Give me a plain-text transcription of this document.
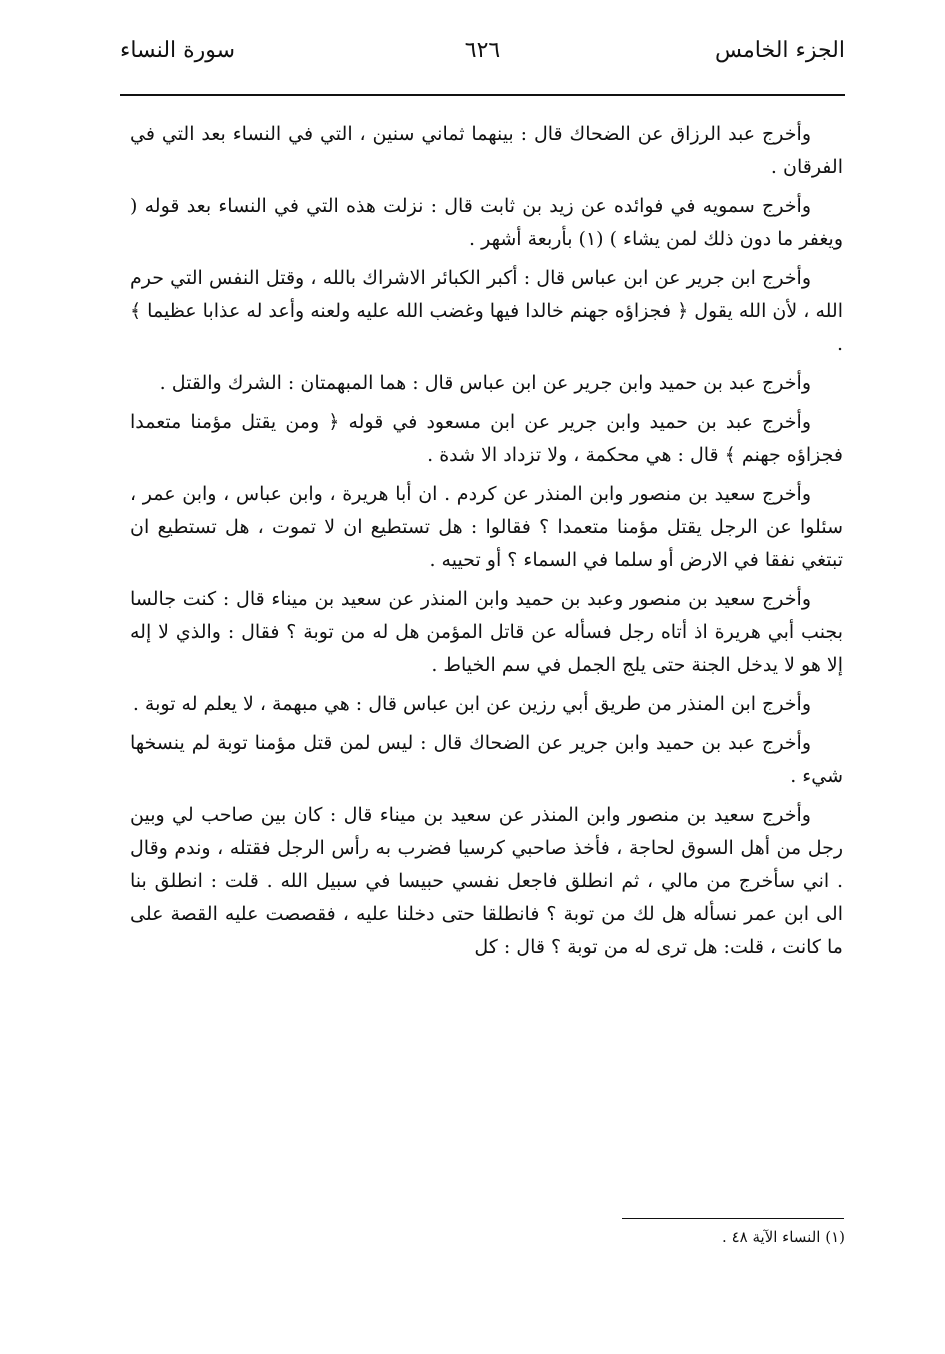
الجزء الخامس
٦٢٦
سورة النساء

وأخرج عبد الرزاق عن الضحاك قال : بينهما ثماني سنين ، التي في النساء بعد التي في الفرقان .

وأخرج سمويه في فوائده عن زيد بن ثابت قال : نزلت هذه التي في النساء بعد قوله ( ويغفر ما دون ذلك لمن يشاء ) (١) بأربعة أشهر .

وأخرج ابن جرير عن ابن عباس قال : أكبر الكبائر الاشراك بالله ، وقتل النفس التي حرم الله ، لأن الله يقول ﴿ فجزاؤه جهنم خالدا فيها وغضب الله عليه ولعنه وأعد له عذابا عظيما ﴾ .

وأخرج عبد بن حميد وابن جرير عن ابن عباس قال : هما المبهمتان : الشرك والقتل .

وأخرج عبد بن حميد وابن جرير عن ابن مسعود في قوله ﴿ ومن يقتل مؤمنا متعمدا فجزاؤه جهنم ﴾ قال : هي محكمة ، ولا تزداد الا شدة .

وأخرج سعيد بن منصور وابن المنذر عن كردم . ان أبا هريرة ، وابن عباس ، وابن عمر ، سئلوا عن الرجل يقتل مؤمنا متعمدا ؟ فقالوا : هل تستطيع ان لا تموت ، هل تستطيع ان تبتغي نفقا في الارض أو سلما في السماء ؟ أو تحييه .

وأخرج سعيد بن منصور وعبد بن حميد وابن المنذر عن سعيد بن ميناء قال : كنت جالسا بجنب أبي هريرة اذ أتاه رجل فسأله عن قاتل المؤمن هل له من توبة ؟ فقال : والذي لا إله إلا هو لا يدخل الجنة حتى يلج الجمل في سم الخياط .

وأخرج ابن المنذر من طريق أبي رزين عن ابن عباس قال : هي مبهمة ، لا يعلم له توبة .

وأخرج عبد بن حميد وابن جرير عن الضحاك قال : ليس لمن قتل مؤمنا توبة لم ينسخها شيء .

وأخرج سعيد بن منصور وابن المنذر عن سعيد بن ميناء قال : كان بين صاحب لي وبين رجل من أهل السوق لحاجة ، فأخذ صاحبي كرسيا فضرب به رأس الرجل فقتله ، وندم وقال . اني سأخرج من مالي ، ثم انطلق فاجعل نفسي حبيسا في سبيل الله . قلت : انطلق بنا الى ابن عمر نسأله هل لك من توبة ؟ فانطلقا حتى دخلنا عليه ، فقصصت عليه القصة على ما كانت ، قلت: هل ترى له من توبة ؟ قال : كل

(١) النساء الآية ٤٨ .
